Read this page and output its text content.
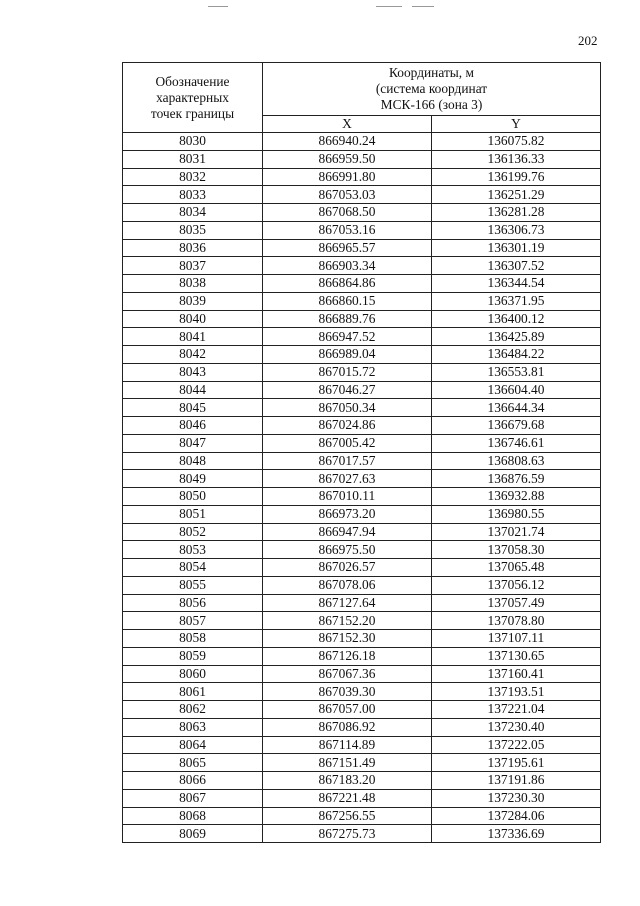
202
Обозначение
характерных
точек границы	Координаты, м
(система координат
МСК-166 (зона 3)	

	X	Y
8030	866940.24	136075.82
8031	866959.50	136136.33
8032	866991.80	136199.76
8033	867053.03	136251.29
8034	867068.50	136281.28
8035	867053.16	136306.73
8036	866965.57	136301.19
8037	866903.34	136307.52
8038	866864.86	136344.54
8039	866860.15	136371.95
8040	866889.76	136400.12
8041	866947.52	136425.89
8042	866989.04	136484.22
8043	867015.72	136553.81
8044	867046.27	136604.40
8045	867050.34	136644.34
8046	867024.86	136679.68
8047	867005.42	136746.61
8048	867017.57	136808.63
8049	867027.63	136876.59
8050	867010.11	136932.88
8051	866973.20	136980.55
8052	866947.94	137021.74
8053	866975.50	137058.30
8054	867026.57	137065.48
8055	867078.06	137056.12
8056	867127.64	137057.49
8057	867152.20	137078.80
8058	867152.30	137107.11
8059	867126.18	137130.65
8060	867067.36	137160.41
8061	867039.30	137193.51
8062	867057.00	137221.04
8063	867086.92	137230.40
8064	867114.89	137222.05
8065	867151.49	137195.61
8066	867183.20	137191.86
8067	867221.48	137230.30
8068	867256.55	137284.06
8069	867275.73	137336.69
